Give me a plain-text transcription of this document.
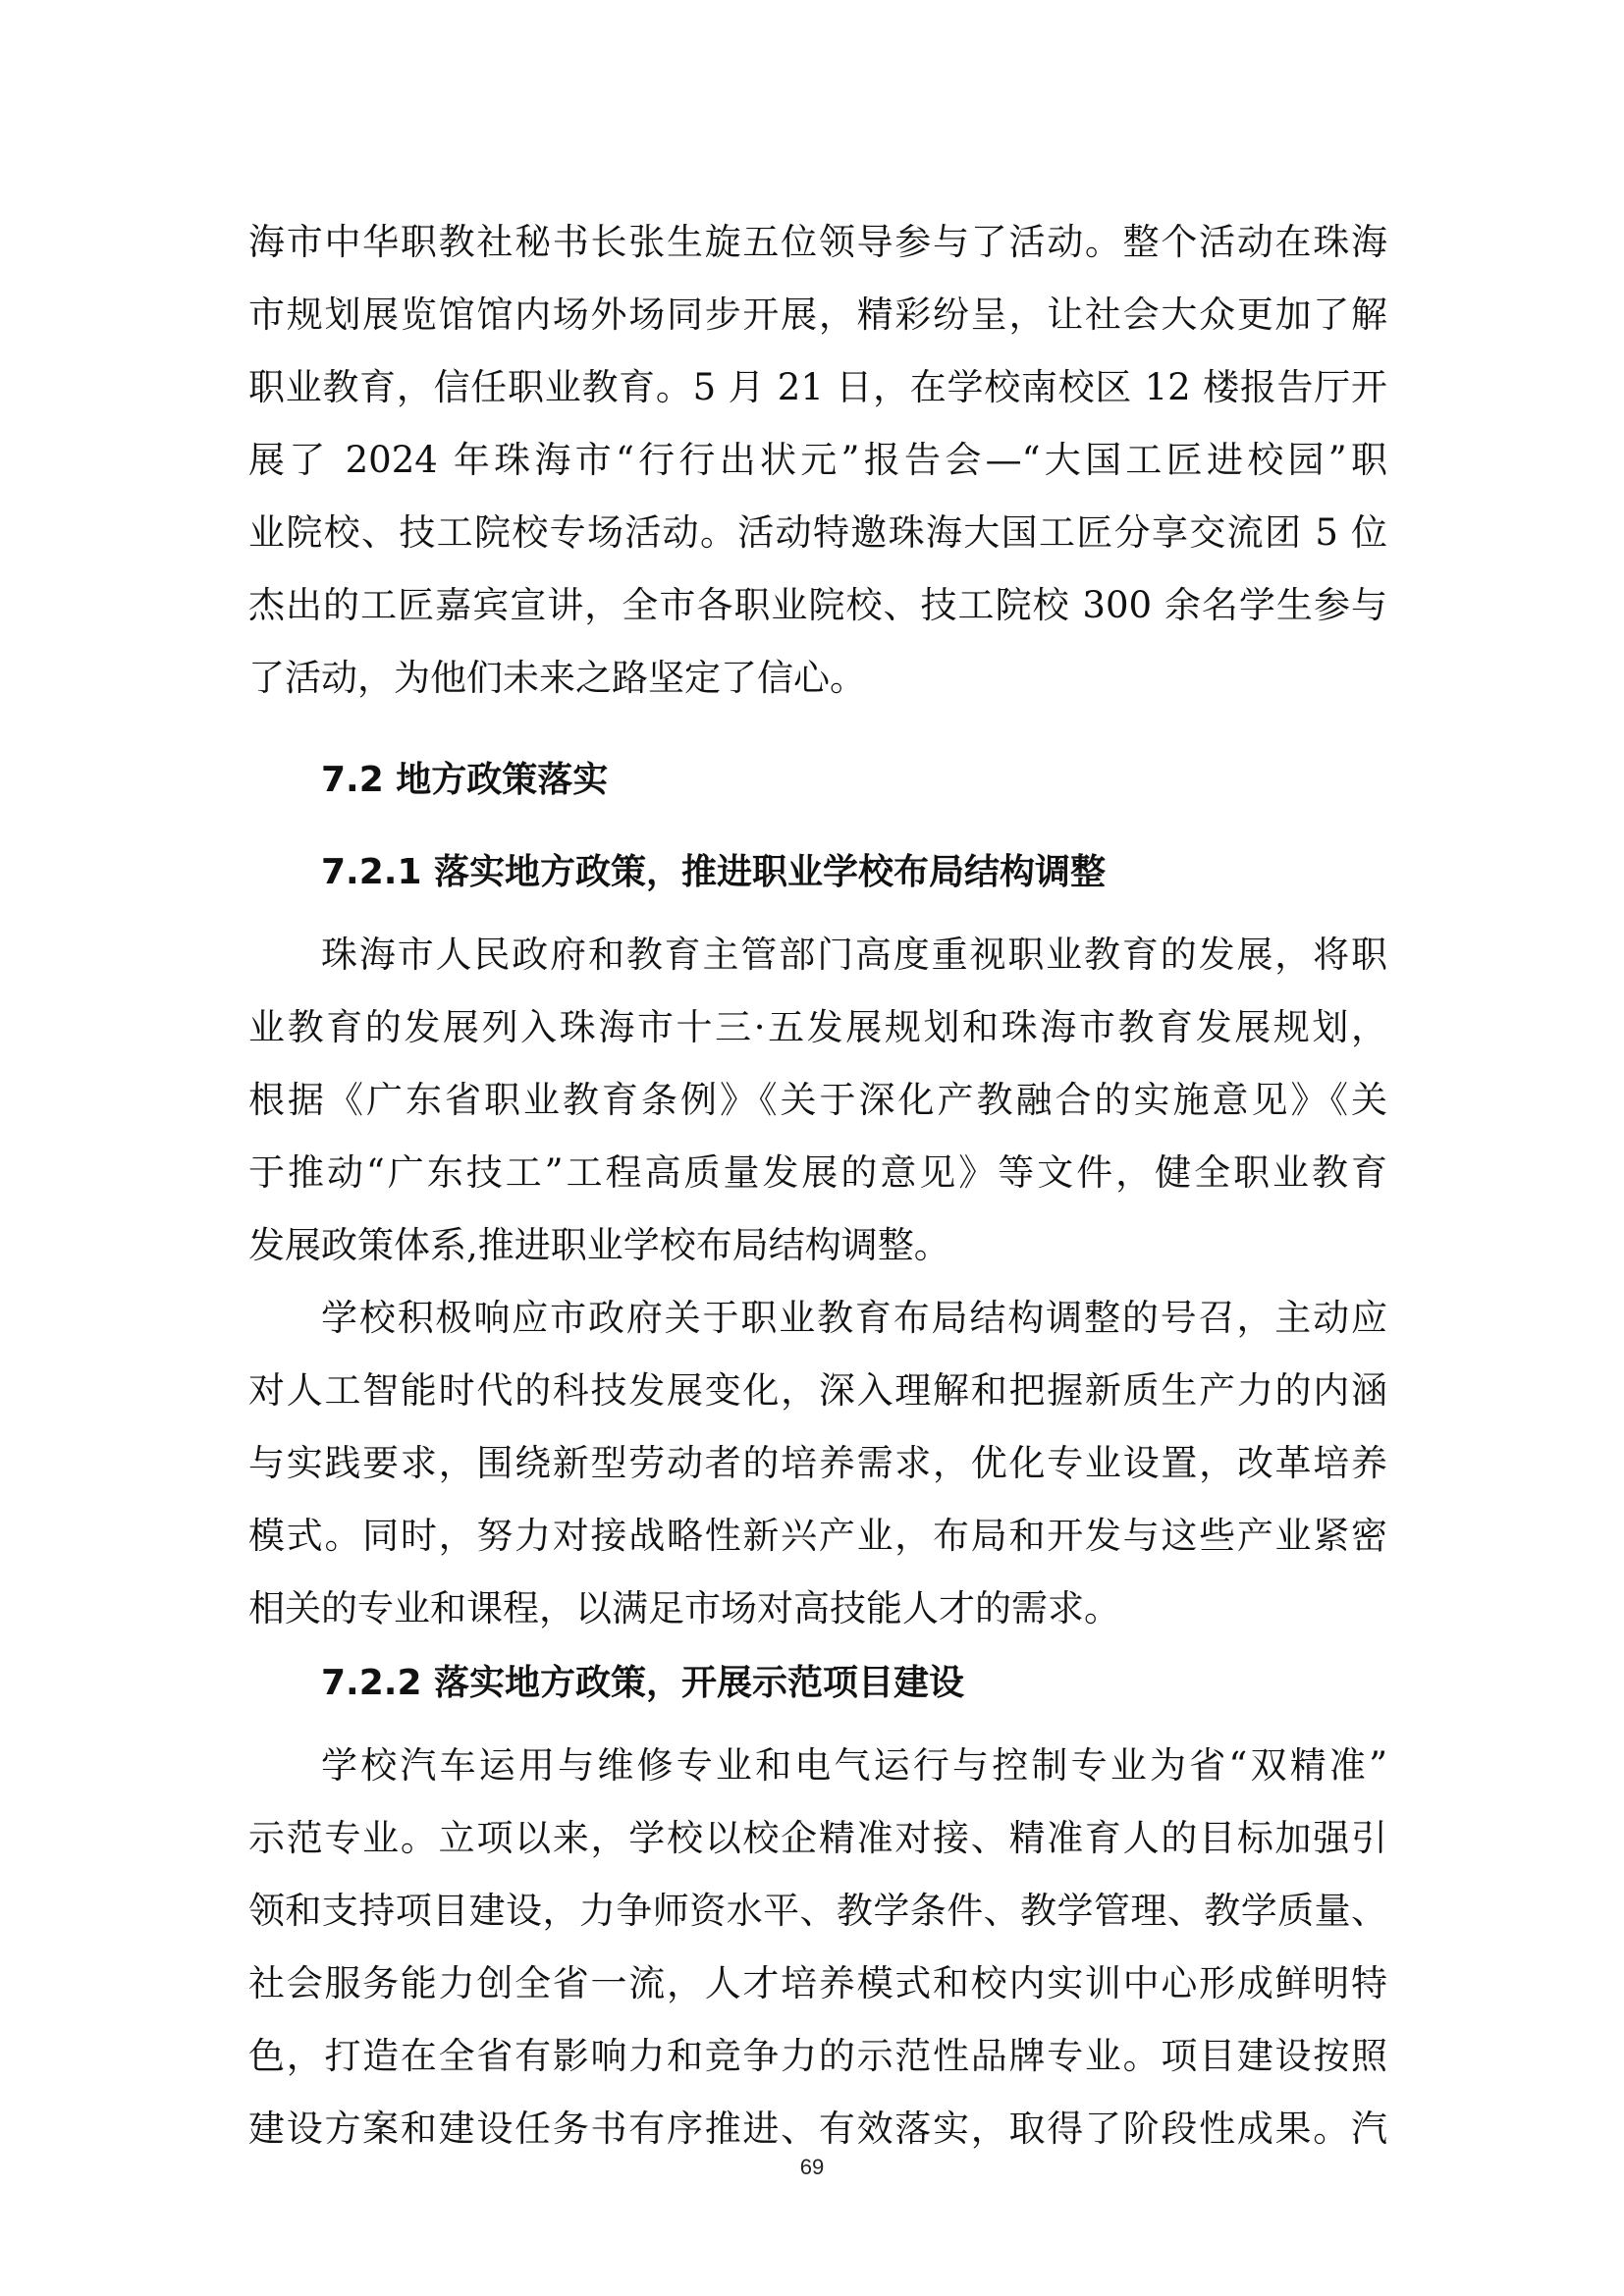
海市中华职教社秘书长张生旋五位领导参与了活动。整个活动在珠海
市规划展览馆馆内场外场同步开展，精彩纷呈，让社会大众更加了解
职业教育，信任职业教育。5 月 21 日，在学校南校区 12 楼报告厅开
展了 2024 年珠海市“行行出状元”报告会—“大国工匠进校园”职
业院校、技工院校专场活动。活动特邀珠海大国工匠分享交流团 5 位
杰出的工匠嘉宾宣讲，全市各职业院校、技工院校 300 余名学生参与
了活动，为他们未来之路坚定了信心。
7.2 地方政策落实
7.2.1 落实地方政策，推进职业学校布局结构调整
珠海市人民政府和教育主管部门高度重视职业教育的发展，将职
业教育的发展列入珠海市十三·五发展规划和珠海市教育发展规划，
根据《广东省职业教育条例》《关于深化产教融合的实施意见》《关
于推动“广东技工”工程高质量发展的意见》等文件，健全职业教育
发展政策体系,推进职业学校布局结构调整。
学校积极响应市政府关于职业教育布局结构调整的号召，主动应
对人工智能时代的科技发展变化，深入理解和把握新质生产力的内涵
与实践要求，围绕新型劳动者的培养需求，优化专业设置，改革培养
模式。同时，努力对接战略性新兴产业，布局和开发与这些产业紧密
相关的专业和课程，以满足市场对高技能人才的需求。
7.2.2 落实地方政策，开展示范项目建设
学校汽车运用与维修专业和电气运行与控制专业为省“双精准”
示范专业。立项以来，学校以校企精准对接、精准育人的目标加强引
领和支持项目建设，力争师资水平、教学条件、教学管理、教学质量、
社会服务能力创全省一流，人才培养模式和校内实训中心形成鲜明特
色，打造在全省有影响力和竞争力的示范性品牌专业。项目建设按照
建设方案和建设任务书有序推进、有效落实，取得了阶段性成果。汽
69
